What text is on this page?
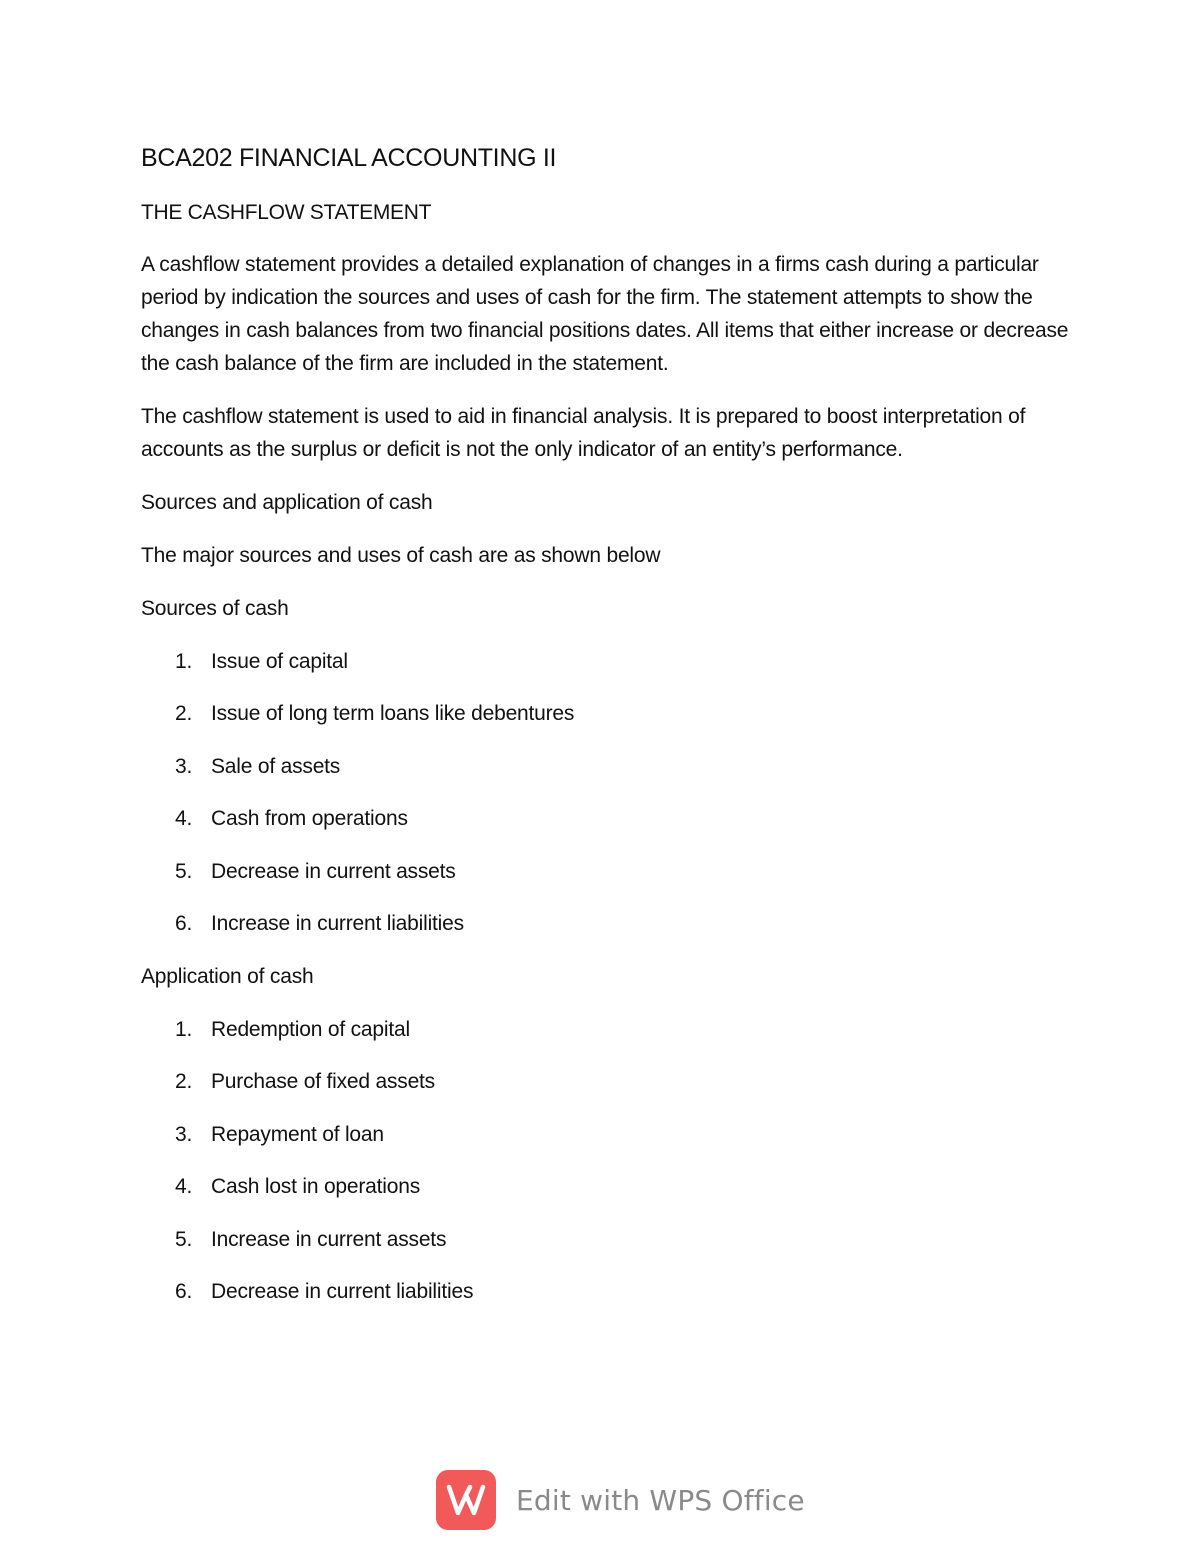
BCA202 FINANCIAL ACCOUNTING II
THE CASHFLOW STATEMENT

A cashflow statement provides a detailed explanation of changes in a firms cash during a particular period by indication the sources and uses of cash for the firm. The statement attempts to show the changes in cash balances from two financial positions dates. All items that either increase or decrease the cash balance of the firm are included in the statement.

The cashflow statement is used to aid in financial analysis. It is prepared to boost interpretation of accounts as the surplus or deficit is not the only indicator of an entity’s performance.

Sources and application of cash

The major sources and uses of cash are as shown below

Sources of cash

1. Issue of capital
2. Issue of long term loans like debentures
3. Sale of assets
4. Cash from operations
5. Decrease in current assets
6. Increase in current liabilities

Application of cash

1. Redemption of capital
2. Purchase of fixed assets
3. Repayment of loan
4. Cash lost in operations
5. Increase in current assets
6. Decrease in current liabilities
Edit with WPS Office
